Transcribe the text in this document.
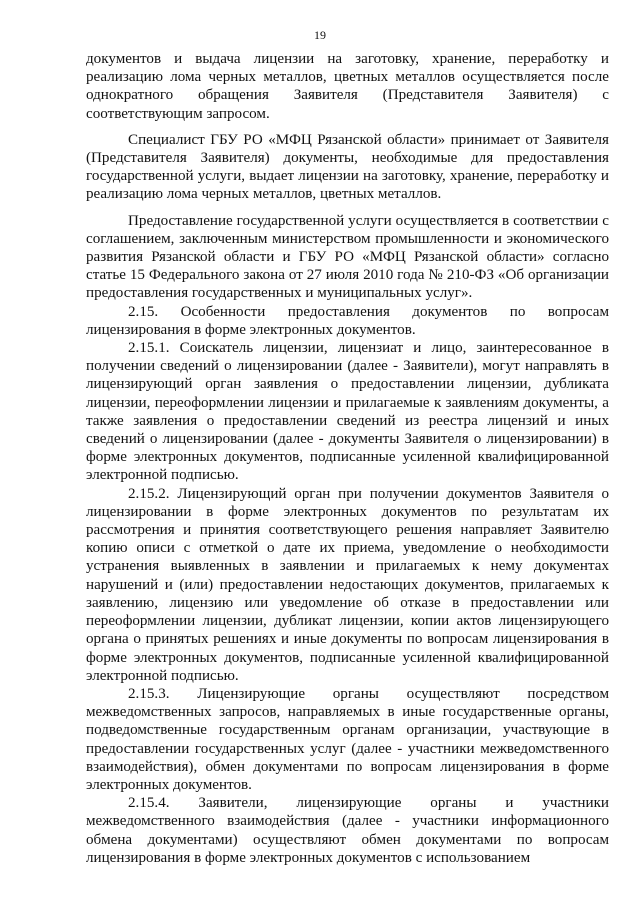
19

документов и выдача лицензии на заготовку, хранение, переработку и реализацию лома черных металлов, цветных металлов осуществляется после однократного обращения Заявителя (Представителя Заявителя) с соответствующим запросом.

Специалист ГБУ РО «МФЦ Рязанской области» принимает от Заявителя (Представителя Заявителя) документы, необходимые для предоставления государственной услуги, выдает лицензии на заготовку, хранение, переработку и реализацию лома черных металлов, цветных металлов.

Предоставление государственной услуги осуществляется в соответствии с соглашением, заключенным министерством промышленности и экономического развития Рязанской области и ГБУ РО «МФЦ Рязанской области» согласно статье 15 Федерального закона от 27 июля 2010 года № 210-ФЗ «Об организации предоставления государственных и муниципальных услуг».

2.15. Особенности предоставления документов по вопросам лицензирования в форме электронных документов.

2.15.1. Соискатель лицензии, лицензиат и лицо, заинтересованное в получении сведений о лицензировании (далее - Заявители), могут направлять в лицензирующий орган заявления о предоставлении лицензии, дубликата лицензии, переоформлении лицензии и прилагаемые к заявлениям документы, а также заявления о предоставлении сведений из реестра лицензий и иных сведений о лицензировании (далее - документы Заявителя о лицензировании) в форме электронных документов, подписанные усиленной квалифицированной электронной подписью.

2.15.2. Лицензирующий орган при получении документов Заявителя о лицензировании в форме электронных документов по результатам их рассмотрения и принятия соответствующего решения направляет Заявителю копию описи с отметкой о дате их приема, уведомление о необходимости устранения выявленных в заявлении и прилагаемых к нему документах нарушений и (или) предоставлении недостающих документов, прилагаемых к заявлению, лицензию или уведомление об отказе в предоставлении или переоформлении лицензии, дубликат лицензии, копии актов лицензирующего органа о принятых решениях и иные документы по вопросам лицензирования в форме электронных документов, подписанные усиленной квалифицированной электронной подписью.

2.15.3. Лицензирующие органы осуществляют посредством межведомственных запросов, направляемых в иные государственные органы, подведомственные государственным органам организации, участвующие в предоставлении государственных услуг (далее - участники межведомственного взаимодействия), обмен документами по вопросам лицензирования в форме электронных документов.

2.15.4. Заявители, лицензирующие органы и участники межведомственного взаимодействия (далее - участники информационного обмена документами) осуществляют обмен документами по вопросам лицензирования в форме электронных документов с использованием
